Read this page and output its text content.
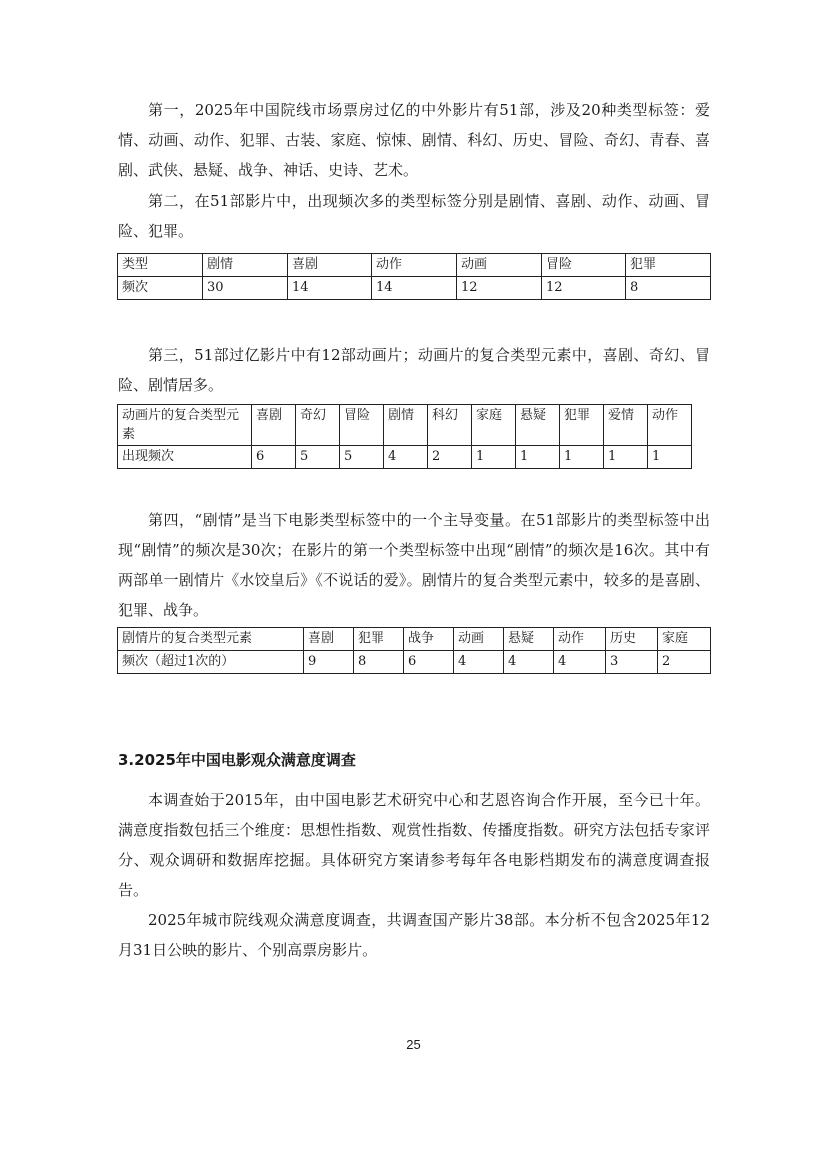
第一，2025年中国院线市场票房过亿的中外影片有51部，涉及20种类型标签：爱情、动画、动作、犯罪、古装、家庭、惊悚、剧情、科幻、历史、冒险、奇幻、青春、喜剧、武侠、悬疑、战争、神话、史诗、艺术。

第二，在51部影片中，出现频次多的类型标签分别是剧情、喜剧、动作、动画、冒险、犯罪。

类型	剧情	喜剧	动作	动画	冒险	犯罪
频次	30	14	14	12	12	8

第三，51部过亿影片中有12部动画片；动画片的复合类型元素中，喜剧、奇幻、冒险、剧情居多。

动画片的复合类型元素	喜剧	奇幻	冒险	剧情	科幻	家庭	悬疑	犯罪	爱情	动作
出现频次	6	5	5	4	2	1	1	1	1	1

第四，“剧情”是当下电影类型标签中的一个主导变量。在51部影片的类型标签中出现“剧情”的频次是30次；在影片的第一个类型标签中出现“剧情”的频次是16次。其中有两部单一剧情片《水饺皇后》《不说话的爱》。剧情片的复合类型元素中，较多的是喜剧、犯罪、战争。

剧情片的复合类型元素	喜剧	犯罪	战争	动画	悬疑	动作	历史	家庭
频次（超过1次的）	9	8	6	4	4	4	3	2
3.2025年中国电影观众满意度调查

本调查始于2015年，由中国电影艺术研究中心和艺恩咨询合作开展，至今已十年。满意度指数包括三个维度：思想性指数、观赏性指数、传播度指数。研究方法包括专家评分、观众调研和数据库挖掘。具体研究方案请参考每年各电影档期发布的满意度调查报告。

2025年城市院线观众满意度调查，共调查国产影片38部。本分析不包含2025年12月31日公映的影片、个别高票房影片。

25
